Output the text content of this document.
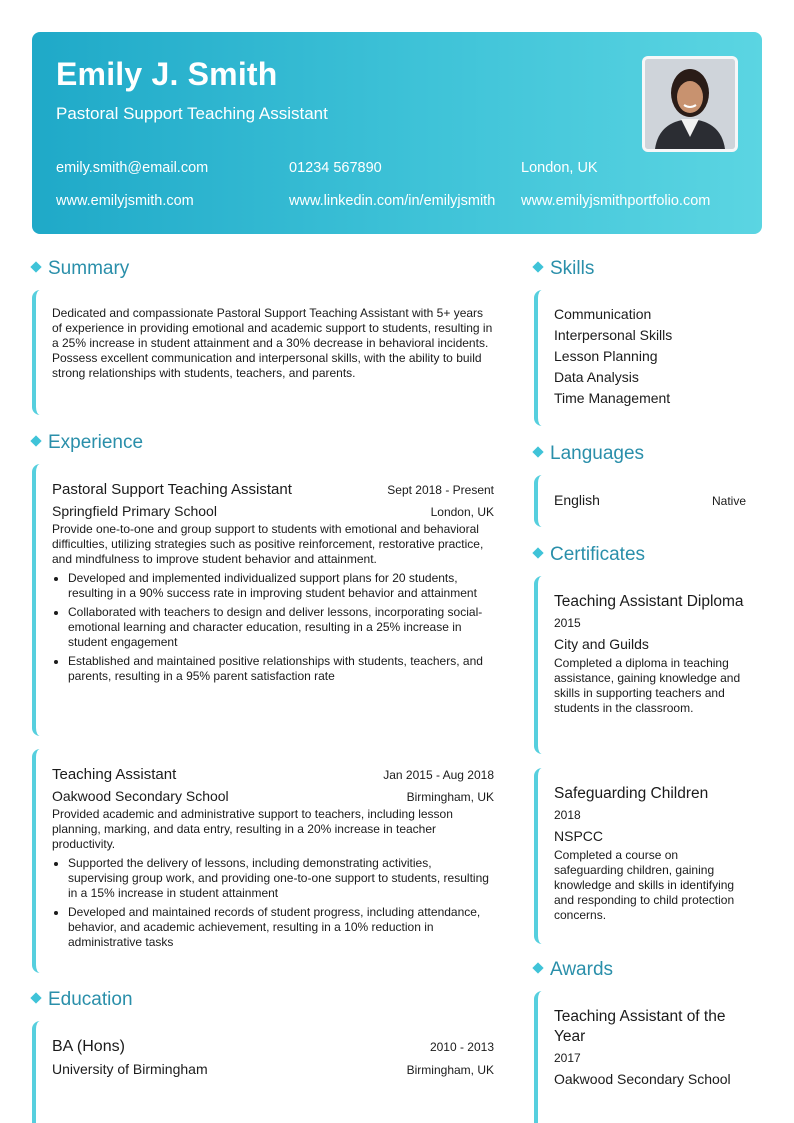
Emily J. Smith
Pastoral Support Teaching Assistant
emily.smith@email.com	01234 567890	London, UK
www.emilyjsmith.com	www.linkedin.com/in/emilyjsmith www.emilyjsmithportfolio.com
Summary

Dedicated and compassionate Pastoral Support Teaching Assistant with 5+ years of experience in providing emotional and academic support to students, resulting in a 25% increase in student attainment and a 30% decrease in behavioral incidents. Possess excellent communication and interpersonal skills, with the ability to build strong relationships with students, teachers, and parents.

Experience
Pastoral Support Teaching Assistant	Sept 2018 - Present
Springfield Primary School	London, UK

Provide one-to-one and group support to students with emotional and behavioral difficulties, utilizing strategies such as positive reinforcement, restorative practice, and mindfulness to improve student behavior and attainment.

• Developed and implemented individualized support plans for 20 students, resulting in a 90% success rate in improving student behavior and attainment
• Collaborated with teachers to design and deliver lessons, incorporating social-emotional learning and character education, resulting in a 25% increase in student engagement
• Established and maintained positive relationships with students, teachers, and parents, resulting in a 95% parent satisfaction rate
Teaching Assistant	Jan 2015 - Aug 2018
Oakwood Secondary School	Birmingham, UK

Provided academic and administrative support to teachers, including lesson planning, marking, and data entry, resulting in a 20% increase in teacher productivity.

• Supported the delivery of lessons, including demonstrating activities, supervising group work, and providing one-to-one support to students, resulting in a 15% increase in student attainment
• Developed and maintained records of student progress, including attendance, behavior, and academic achievement, resulting in a 10% reduction in administrative tasks
Education
BA (Hons)	2010 - 2013
University of Birmingham	Birmingham, UK
Skills
Communication
Interpersonal Skills
Lesson Planning
Data Analysis
Time Management
Languages
English	Native
Certificates
Teaching Assistant Diploma
2015
City and Guilds
Completed a diploma in teaching assistance, gaining knowledge and skills in supporting teachers and students in the classroom.
Safeguarding Children
2018
NSPCC
Completed a course on safeguarding children, gaining knowledge and skills in identifying and responding to child protection concerns.
Awards
Teaching Assistant of the Year
2017
Oakwood Secondary School
